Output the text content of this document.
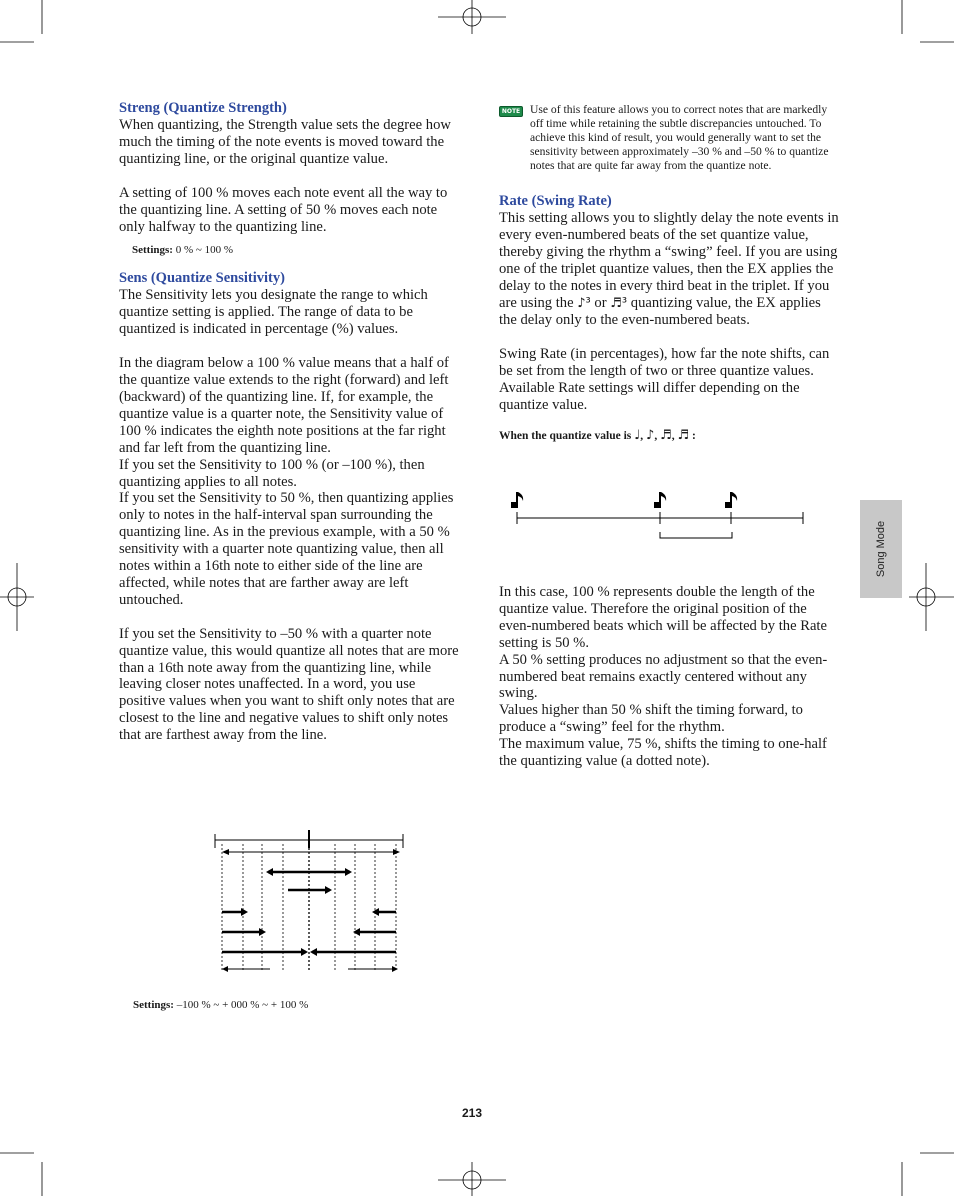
Streng (Quantize Strength)

When quantizing, the Strength value sets the degree how much the timing of the note events is moved toward the quantizing line, or the original quantize value.

A setting of 100 % moves each note event all the way to the quantizing line. A setting of 50 % moves each note only halfway to the quantizing line.

Settings: 0 % ~ 100 %

Sens (Quantize Sensitivity)

The Sensitivity lets you designate the range to which quantize setting is applied. The range of data to be quantized is indicated in percentage (%) values.

In the diagram below a 100 % value means that a half of the quantize value extends to the right (forward) and left (backward) of the quantizing line. If, for example, the quantize value is a quarter note, the Sensitivity value of 100 % indicates the eighth note positions at the far right and far left from the quantizing line.

If you set the Sensitivity to 100 % (or –100 %), then quantizing applies to all notes.

If you set the Sensitivity to 50 %, then quantizing applies only to notes in the half-interval span surrounding the quantizing line. As in the previous example, with a 50 % sensitivity with a quarter note quantizing value, then all notes within a 16th note to either side of the line are affected, while notes that are farther away are left untouched.

If you set the Sensitivity to –50 % with a quarter note quantize value, this would quantize all notes that are more than a 16th note away from the quantizing line, while leaving closer notes unaffected. In a word, you use positive values when you want to shift only notes that are closest to the line and negative values to shift only notes that are farthest away from the line.

Settings: –100 % ~ + 000 % ~ + 100 %

NOTE Use of this feature allows you to correct notes that are markedly off time while retaining the subtle discrepancies untouched. To achieve this kind of result, you would generally want to set the sensitivity between approximately –30 % and –50 % to quantize notes that are quite far away from the quantize note.

Rate (Swing Rate)

This setting allows you to slightly delay the note events in every even-numbered beats of the set quantize value, thereby giving the rhythm a “swing” feel. If you are using one of the triplet quantize values, then the EX applies the delay to the notes in every third beat in the triplet. If you are using the ♪³ or ♬³ quantizing value, the EX applies the delay only to the even-numbered beats.

Swing Rate (in percentages), how far the note shifts, can be set from the length of two or three quantize values. Available Rate settings will differ depending on the quantize value.

When the quantize value is ♩, ♪, ♬, ♬ :

In this case, 100 % represents double the length of the quantize value. Therefore the original position of the even-numbered beats which will be affected by the Rate setting is 50 %.

A 50 % setting produces no adjustment so that the even-numbered beat remains exactly centered without any swing.

Values higher than 50 % shift the timing forward, to produce a “swing” feel for the rhythm.

The maximum value, 75 %, shifts the timing to one-half the quantizing value (a dotted note).

Song Mode
213
